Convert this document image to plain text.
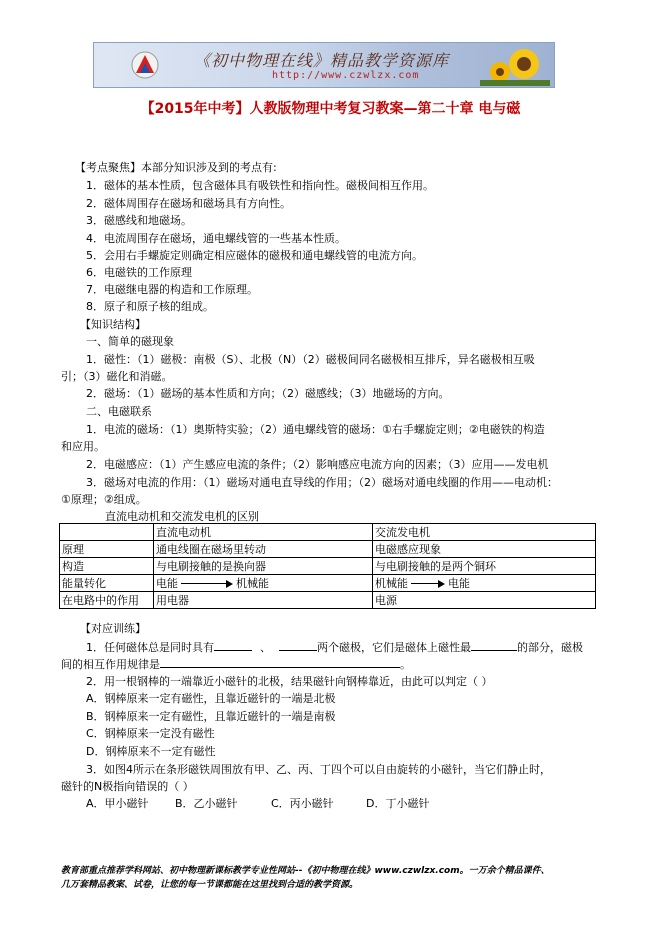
《初中物理在线》精品教学资源库
http://www.czwlzx.com
【2015年中考】人教版物理中考复习教案—第二十章 电与磁
【考点聚焦】本部分知识涉及到的考点有:
1．磁体的基本性质，包含磁体具有吸铁性和指向性。磁极间相互作用。
2．磁体周围存在磁场和磁场具有方向性。
3．磁感线和地磁场。
4．电流周围存在磁场，通电螺线管的一些基本性质。
5．会用右手螺旋定则确定相应磁体的磁极和通电螺线管的电流方向。
6．电磁铁的工作原理
7．电磁继电器的构造和工作原理。
8．原子和原子核的组成。
【知识结构】
一、简单的磁现象
1．磁性：（1）磁极：南极（S）、北极（N）（2）磁极间同名磁极相互排斥，异名磁极相互吸
引；（3）磁化和消磁。
2．磁场：（1）磁场的基本性质和方向；（2）磁感线；（3）地磁场的方向。
二、电磁联系
1．电流的磁场：（1）奥斯特实验；（2）通电螺线管的磁场：①右手螺旋定则；②电磁铁的构造
和应用。
2．电磁感应：（1）产生感应电流的条件；（2）影响感应电流方向的因素；（3）应用——发电机
3．磁场对电流的作用：（1）磁场对通电直导线的作用；（2）磁场对通电线圈的作用——电动机：
①原理；②组成。
直流电动机和交流发电机的区别
	直流电动机	交流发电机
原理	通电线圈在磁场里转动	电磁感应现象
构造	与电刷接触的是换向器	与电刷接触的是两个铜环
能量转化	电能 机械能	机械能 电能
在电路中的作用	用电器	电源
【对应训练】
1．任何磁体总是同时具有	、	两个磁极，它们是磁体上磁性最	的部分，磁极
间的相互作用规律是	。
2．用一根钢棒的一端靠近小磁针的北极，结果磁针向钢棒靠近，由此可以判定（ ）
A．钢棒原来一定有磁性，且靠近磁针的一端是北极
B．钢棒原来一定有磁性，且靠近磁针的一端是南极
C．钢棒原来一定没有磁性
D．钢棒原来不一定有磁性
3．如图4所示在条形磁铁周围放有甲、乙、丙、丁四个可以自由旋转的小磁针，当它们静止时，
磁针的N极指向错误的（ ）
A．甲小磁针 B．乙小磁针	C．丙小磁针	D．丁小磁针
教育部重点推荐学科网站、初中物理新课标教学专业性网站--《初中物理在线》www.czwlzx.com。一万余个精品课件、
几万套精品教案、试卷，让您的每一节课都能在这里找到合适的教学资源。
